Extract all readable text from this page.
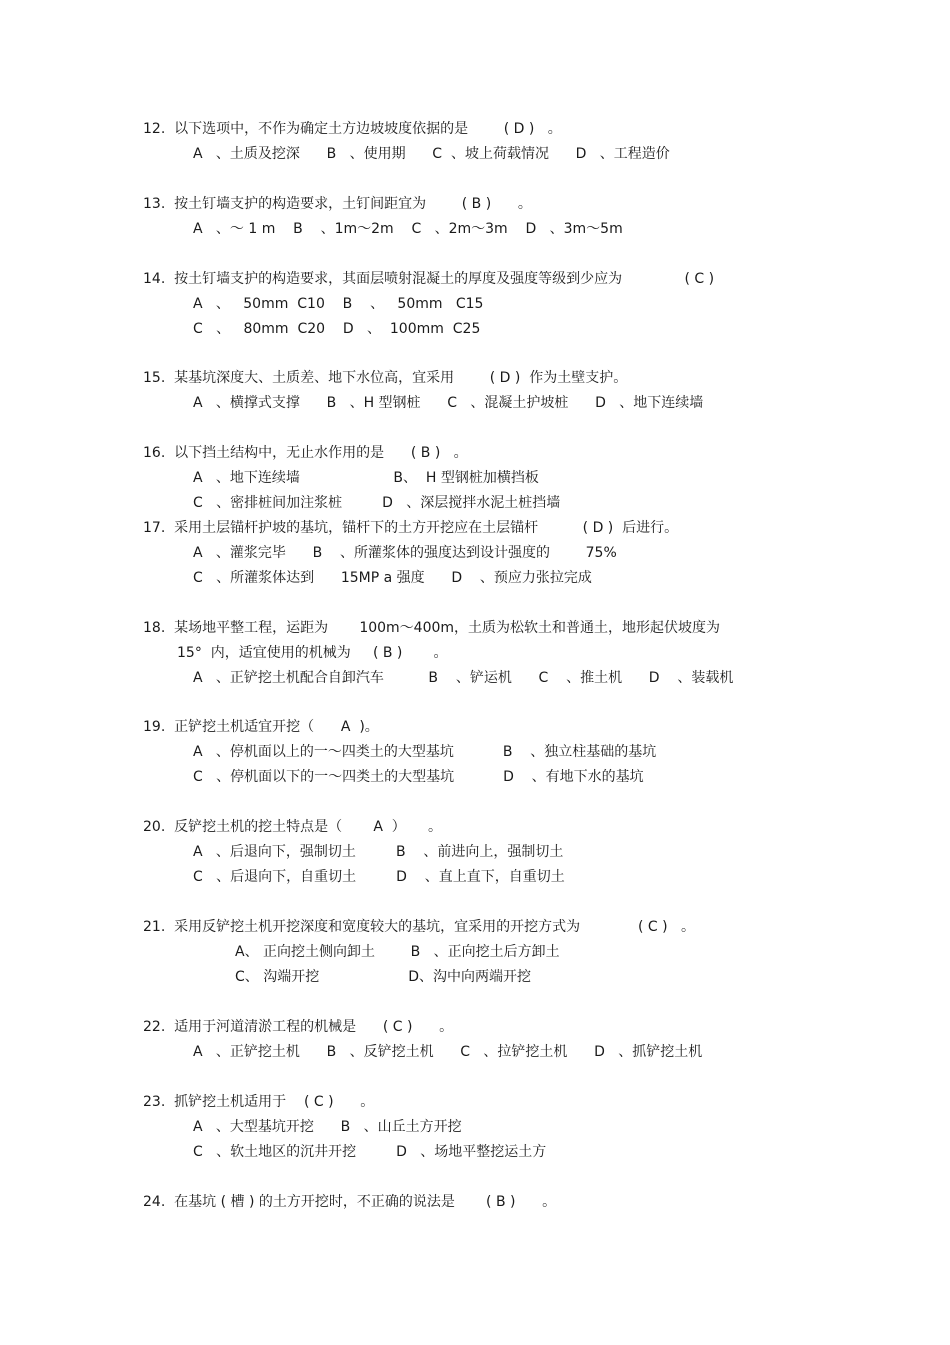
12.  以下选项中，不作为确定土方边坡坡度依据的是        ( D )   。
A   、土质及挖深      B   、使用期      C  、坡上荷载情况      D   、工程造价
13.  按土钉墙支护的构造要求，土钉间距宜为        ( B )      。
A   、～ 1 m    B    、1m～2m    C   、2m～3m    D   、3m～5m
14.  按土钉墙支护的构造要求，其面层喷射混凝土的厚度及强度等级到少应为              ( C )
A   、   50mm  C10    B    、   50mm   C15
C   、   80mm  C20    D   、  100mm  C25
15.  某基坑深度大、土质差、地下水位高，宜采用        ( D )  作为土壁支护。
A   、横撑式支撑      B   、H 型钢桩      C   、混凝土护坡桩      D   、地下连续墙
16.  以下挡土结构中，无止水作用的是      ( B )   。
A   、地下连续墙                     B、  H 型钢桩加横挡板
C   、密排桩间加注浆桩         D   、深层搅拌水泥土桩挡墙
17.  采用土层锚杆护坡的基坑，锚杆下的土方开挖应在土层锚杆          ( D )  后进行。
A   、灌浆完毕      B    、所灌浆体的强度达到设计强度的        75%
C   、所灌浆体达到      15MP a 强度      D    、预应力张拉完成
18.  某场地平整工程，运距为       100m～400m，土质为松软土和普通土，地形起伏坡度为
15°  内，适宜使用的机械为     ( B )       。
A   、正铲挖土机配合自卸汽车          B    、铲运机      C    、推土机      D    、装载机
19.  正铲挖土机适宜开挖（      A  )。
A   、停机面以上的一～四类土的大型基坑           B    、独立柱基础的基坑
C   、停机面以下的一～四类土的大型基坑           D    、有地下水的基坑
20.  反铲挖土机的挖土特点是（       A  ）     。
A   、后退向下，强制切土         B    、前进向上，强制切土
C   、后退向下，自重切土         D    、直上直下，自重切土
21.  采用反铲挖土机开挖深度和宽度较大的基坑，宜采用的开挖方式为             ( C )   。
A、 正向挖土侧向卸土        B   、正向挖土后方卸土
C、 沟端开挖                    D、沟中向两端开挖
22.  适用于河道清淤工程的机械是      ( C )      。
A   、正铲挖土机      B   、反铲挖土机      C   、拉铲挖土机      D   、抓铲挖土机
23.  抓铲挖土机适用于    ( C )      。
A   、大型基坑开挖      B   、山丘土方开挖
C   、软土地区的沉井开挖         D   、场地平整挖运土方
24.  在基坑 ( 槽 ) 的土方开挖时，不正确的说法是       ( B )      。
